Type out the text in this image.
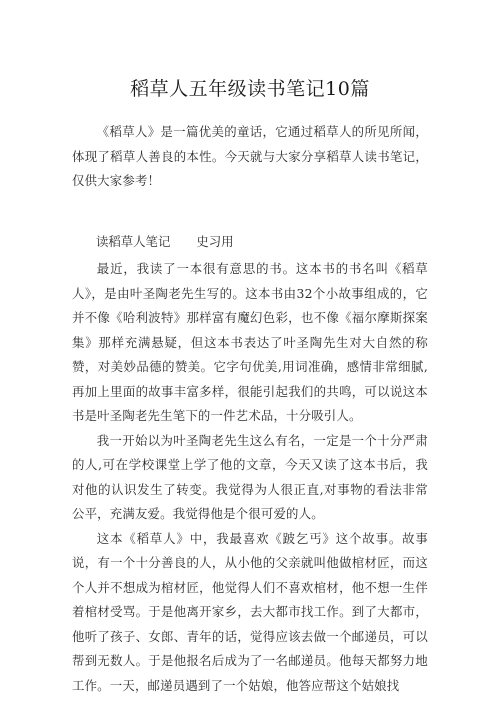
稻草人五年级读书笔记10篇

《稻草人》是一篇优美的童话，它通过稻草人的所见所闻，体现了稻草人善良的本性。今天就与大家分享稻草人读书笔记，仅供大家参考！

读稻草人笔记 史习用

最近，我读了一本很有意思的书。这本书的书名叫《稻草人》，是由叶圣陶老先生写的。这本书由32个小故事组成的，它并不像《哈利波特》那样富有魔幻色彩，也不像《福尔摩斯探案集》那样充满悬疑，但这本书表达了叶圣陶先生对大自然的称赞，对美妙品德的赞美。它字句优美,用词准确，感情非常细腻,再加上里面的故事丰富多样，很能引起我们的共鸣，可以说这本书是叶圣陶老先生笔下的一件艺术品，十分吸引人。

我一开始以为叶圣陶老先生这么有名，一定是一个十分严肃的人,可在学校课堂上学了他的文章，今天又读了这本书后，我对他的认识发生了转变。我觉得为人很正直,对事物的看法非常公平，充满友爱。我觉得他是个很可爱的人。

这本《稻草人》中，我最喜欢《跛乞丐》这个故事。故事说，有一个十分善良的人，从小他的父亲就叫他做棺材匠，而这个人并不想成为棺材匠，他觉得人们不喜欢棺材，他不想一生伴着棺材受骂。于是他离开家乡，去大都市找工作。到了大都市，他听了孩子、女郎、青年的话，觉得应该去做一个邮递员，可以帮到无数人。于是他报名后成为了一名邮递员。他每天都努力地工作。一天，邮递员遇到了一个姑娘，他答应帮这个姑娘找
